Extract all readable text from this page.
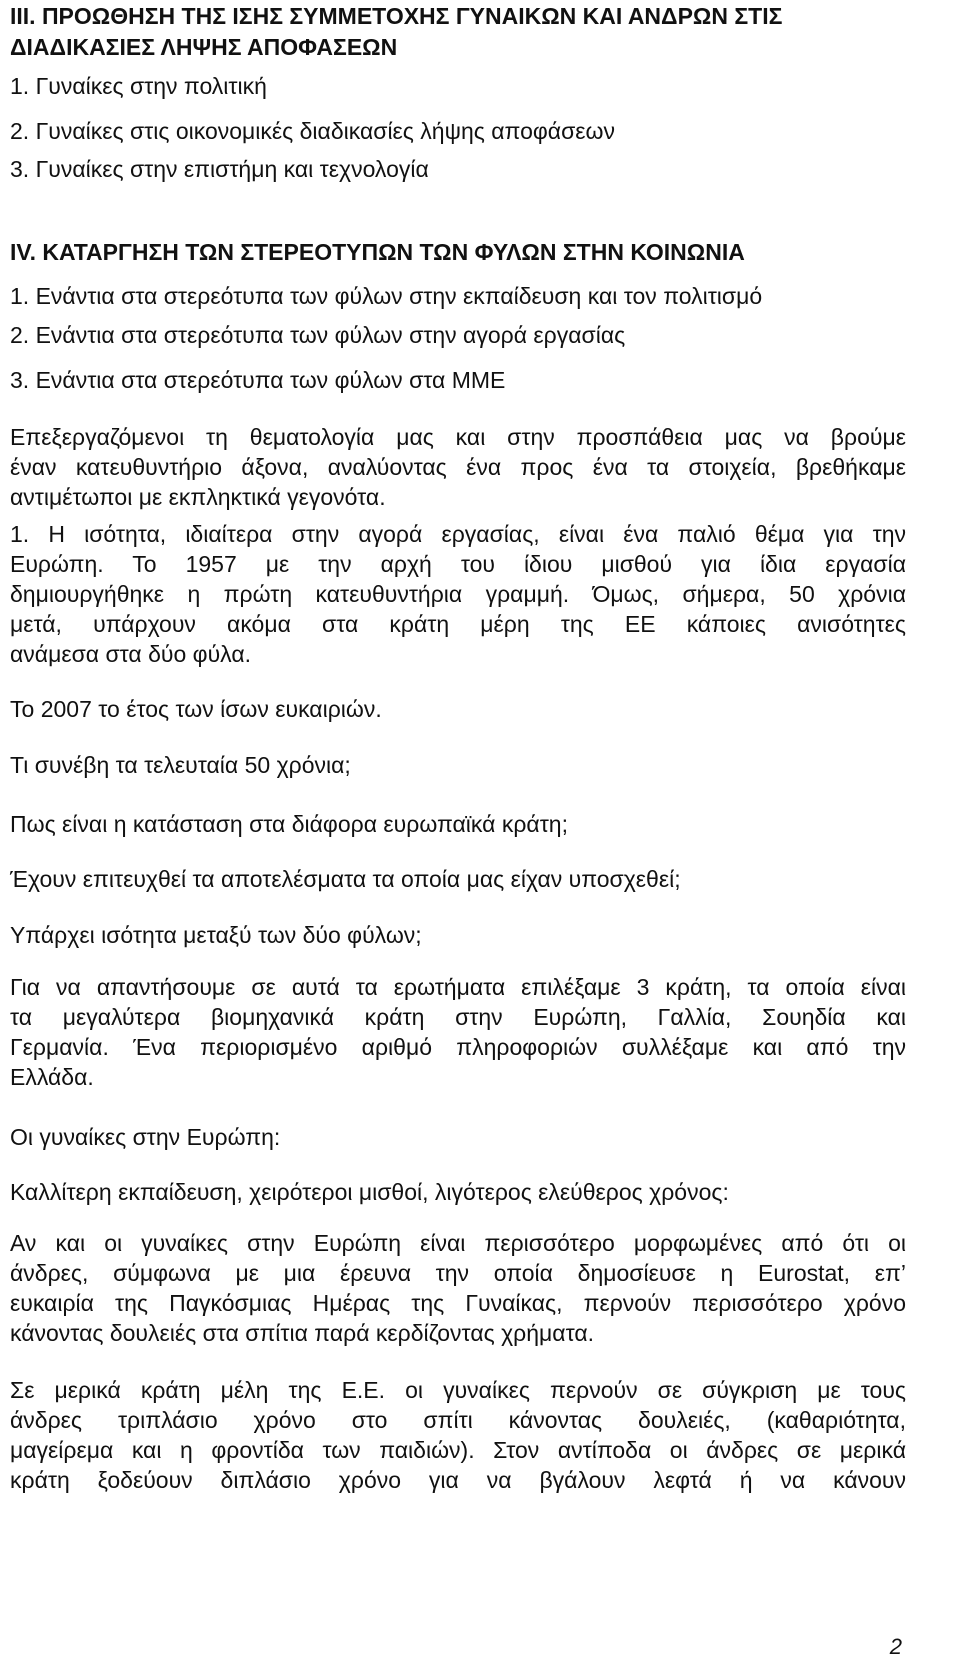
III. ΠΡΟΩΘΗΣΗ ΤΗΣ ΙΣΗΣ ΣΥΜΜΕΤΟΧΗΣ ΓΥΝΑΙΚΩΝ ΚΑΙ ΑΝΔΡΩΝ ΣΤΙΣ

ΔΙΑΔΙΚΑΣΙΕΣ ΛΗΨΗΣ ΑΠΟΦΑΣΕΩΝ

1. Γυναίκες στην πολιτική

2. Γυναίκες στις οικονομικές διαδικασίες λήψης αποφάσεων

3. Γυναίκες στην επιστήμη και τεχνολογία

IV. ΚΑΤΑΡΓΗΣΗ ΤΩΝ ΣΤΕΡΕΟΤΥΠΩΝ ΤΩΝ ΦΥΛΩΝ ΣΤΗΝ ΚΟΙΝΩΝΙΑ

1. Ενάντια στα στερεότυπα των φύλων στην εκπαίδευση και τον πολιτισμό

2. Ενάντια στα στερεότυπα των φύλων στην αγορά εργασίας

3. Ενάντια στα στερεότυπα των φύλων στα ΜΜΕ

Επεξεργαζόμενοι τη θεματολογία μας και στην προσπάθεια μας να βρούμε
έναν κατευθυντήριο άξονα, αναλύοντας ένα προς ένα τα στοιχεία, βρεθήκαμε
αντιμέτωποι με εκπληκτικά γεγονότα.
1. Η ισότητα, ιδιαίτερα στην αγορά εργασίας, είναι ένα παλιό θέμα για την
Ευρώπη. Το 1957 με την αρχή του ίδιου μισθού για ίδια εργασία
δημιουργήθηκε η πρώτη κατευθυντήρια γραμμή. Όμως, σήμερα, 50 χρόνια
μετά, υπάρχουν ακόμα στα κράτη μέρη της ΕΕ κάποιες ανισότητες
ανάμεσα στα δύο φύλα.

Το 2007 το έτος των ίσων ευκαιριών.

Τι συνέβη τα τελευταία 50 χρόνια;

Πως είναι η κατάσταση στα διάφορα ευρωπαϊκά κράτη;

Έχουν επιτευχθεί τα αποτελέσματα τα οποία μας είχαν υποσχεθεί;

Υπάρχει ισότητα μεταξύ των δύο φύλων;

Για να απαντήσουμε σε αυτά τα ερωτήματα επιλέξαμε 3 κράτη, τα οποία είναι
τα μεγαλύτερα βιομηχανικά κράτη στην Ευρώπη, Γαλλία, Σουηδία και
Γερμανία. Ένα περιορισμένο αριθμό πληροφοριών συλλέξαμε και από την
Ελλάδα.

Οι γυναίκες στην Ευρώπη:

Καλλίτερη εκπαίδευση, χειρότεροι μισθοί, λιγότερος ελεύθερος χρόνος:

Αν και οι γυναίκες στην Ευρώπη είναι περισσότερο μορφωμένες από ότι οι
άνδρες, σύμφωνα με μια έρευνα την οποία δημοσίευσε η Eurostat, επ’
ευκαιρία της Παγκόσμιας Ημέρας της Γυναίκας, περνούν περισσότερο χρόνο
κάνοντας δουλειές στα σπίτια παρά κερδίζοντας χρήματα.
Σε μερικά κράτη μέλη της Ε.Ε. οι γυναίκες περνούν σε σύγκριση με τους
άνδρες τριπλάσιο χρόνο στο σπίτι κάνοντας δουλειές, (καθαριότητα,
μαγείρεμα και η φροντίδα των παιδιών). Στον αντίποδα οι άνδρες σε μερικά
κράτη ξοδεύουν διπλάσιο χρόνο για να βγάλουν λεφτά ή να κάνουν
2
